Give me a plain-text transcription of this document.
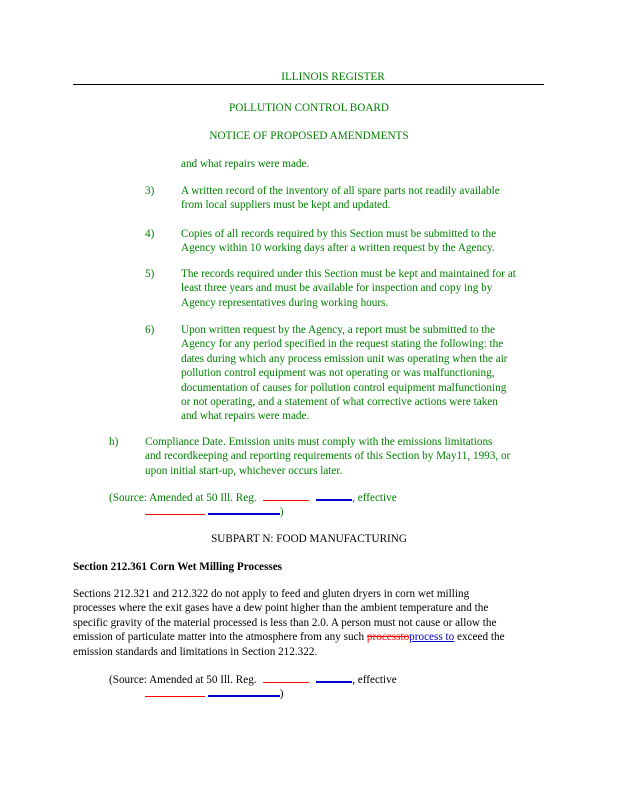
ILLINOIS REGISTER
POLLUTION CONTROL BOARD
NOTICE OF PROPOSED AMENDMENTS
and what repairs were made.
3)	A written record of the inventory of all spare parts not readily available
from local suppliers must be kept and updated.
4)	Copies of all records required by this Section must be submitted to the
Agency within 10 working days after a written request by the Agency.
5)	The records required under this Section must be kept and maintained for at
least three years and must be available for inspection and copy ing by
Agency representatives during working hours.
6)	Upon written request by the Agency, a report must be submitted to the
Agency for any period specified in the request stating the following: the
dates during which any process emission unit was operating when the air
pollution control equipment was not operating or was malfunctioning,
documentation of causes for pollution control equipment malfunctioning
or not operating, and a statement of what corrective actions were taken
and what repairs were made.
h)	Compliance Date. Emission units must comply with the emissions limitations
and recordkeeping and reporting requirements of this Section by May11, 1993, or
upon initial start-up, whichever occurs later.
(Source: Amended at 50 Ill. Reg.	, effective
)
SUBPART N: FOOD MANUFACTURING
Section 212.361 Corn Wet Milling Processes
Sections 212.321 and 212.322 do not apply to feed and gluten dryers in corn wet milling
processes where the exit gases have a dew point higher than the ambient temperature and the
specific gravity of the material processed is less than 2.0. A person must not cause or allow the
emission of particulate matter into the atmosphere from any such processtoprocess to exceed the
emission standards and limitations in Section 212.322.
(Source: Amended at 50 Ill. Reg.	, effective
)
